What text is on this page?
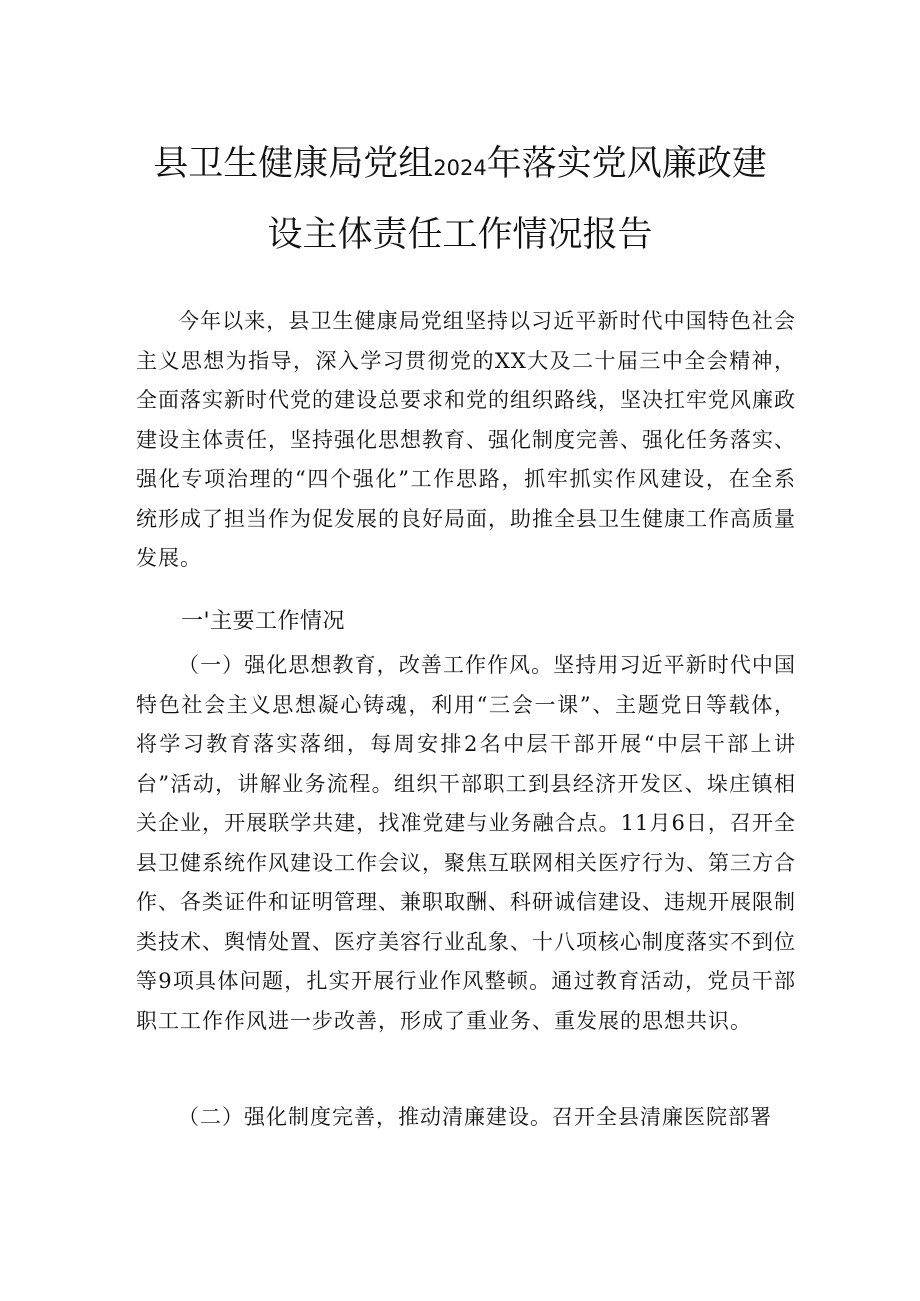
县卫生健康局党组2024年落实党风廉政建
设主体责任工作情况报告

今年以来，县卫生健康局党组坚持以习近平新时代中国特色社会主义思想为指导，深入学习贯彻党的XX大及二十届三中全会精神，全面落实新时代党的建设总要求和党的组织路线，坚决扛牢党风廉政建设主体责任，坚持强化思想教育、强化制度完善、强化任务落实、强化专项治理的“四个强化”工作思路，抓牢抓实作风建设，在全系统形成了担当作为促发展的良好局面，助推全县卫生健康工作高质量发展。

一'主要工作情况

（一）强化思想教育，改善工作作风。坚持用习近平新时代中国特色社会主义思想凝心铸魂，利用“三会一课”、主题党日等载体，将学习教育落实落细，每周安排2名中层干部开展“中层干部上讲台”活动，讲解业务流程。组织干部职工到县经济开发区、垛庄镇相关企业，开展联学共建，找准党建与业务融合点。11月6日，召开全县卫健系统作风建设工作会议，聚焦互联网相关医疗行为、第三方合作、各类证件和证明管理、兼职取酬、科研诚信建设、违规开展限制类技术、舆情处置、医疗美容行业乱象、十八项核心制度落实不到位等9项具体问题，扎实开展行业作风整顿。通过教育活动，党员干部职工工作作风进一步改善，形成了重业务、重发展的思想共识。

（二）强化制度完善，推动清廉建设。召开全县清廉医院部署
